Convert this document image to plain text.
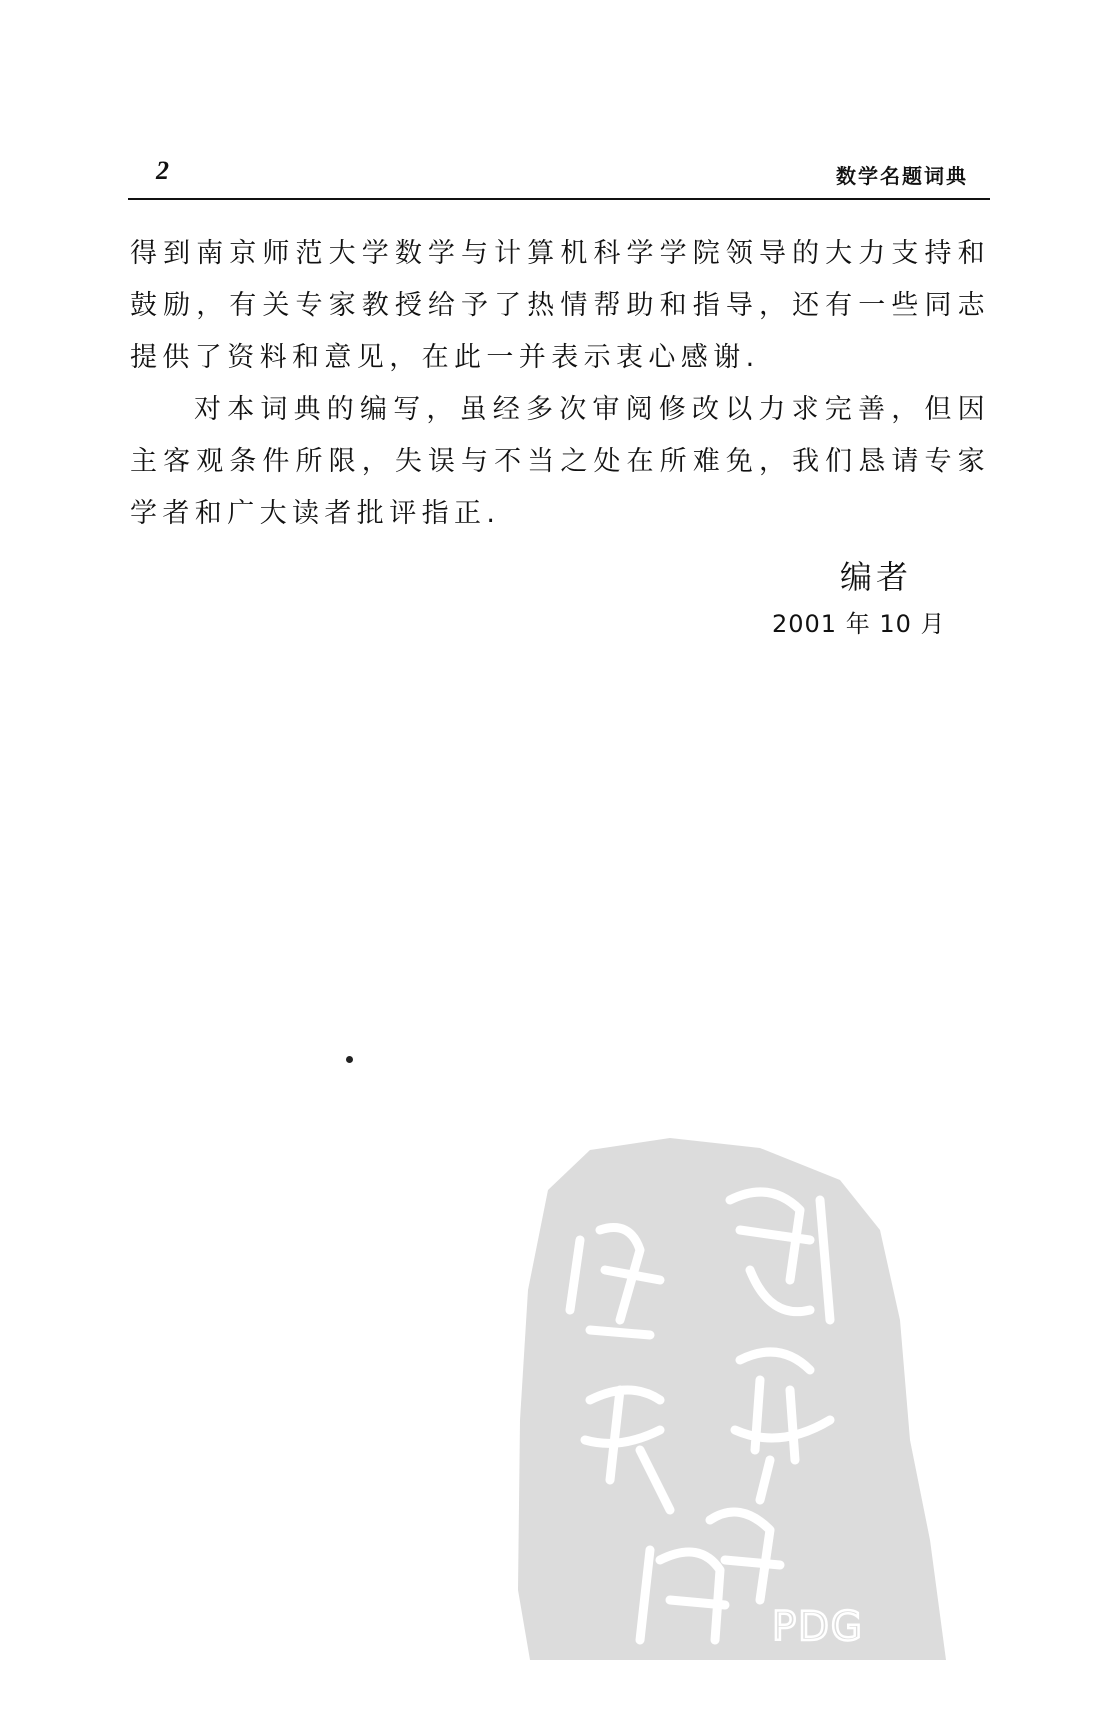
2	数学名题词典

得到南京师范大学数学与计算机科学学院领导的大力支持和鼓励，有关专家教授给予了热情帮助和指导，还有一些同志提供了资料和意见，在此一并表示衷心感谢.

对本词典的编写，虽经多次审阅修改以力求完善，但因主客观条件所限，失误与不当之处在所难免，我们恳请专家学者和广大读者批评指正.

编者
2001 年 10 月
PDG
